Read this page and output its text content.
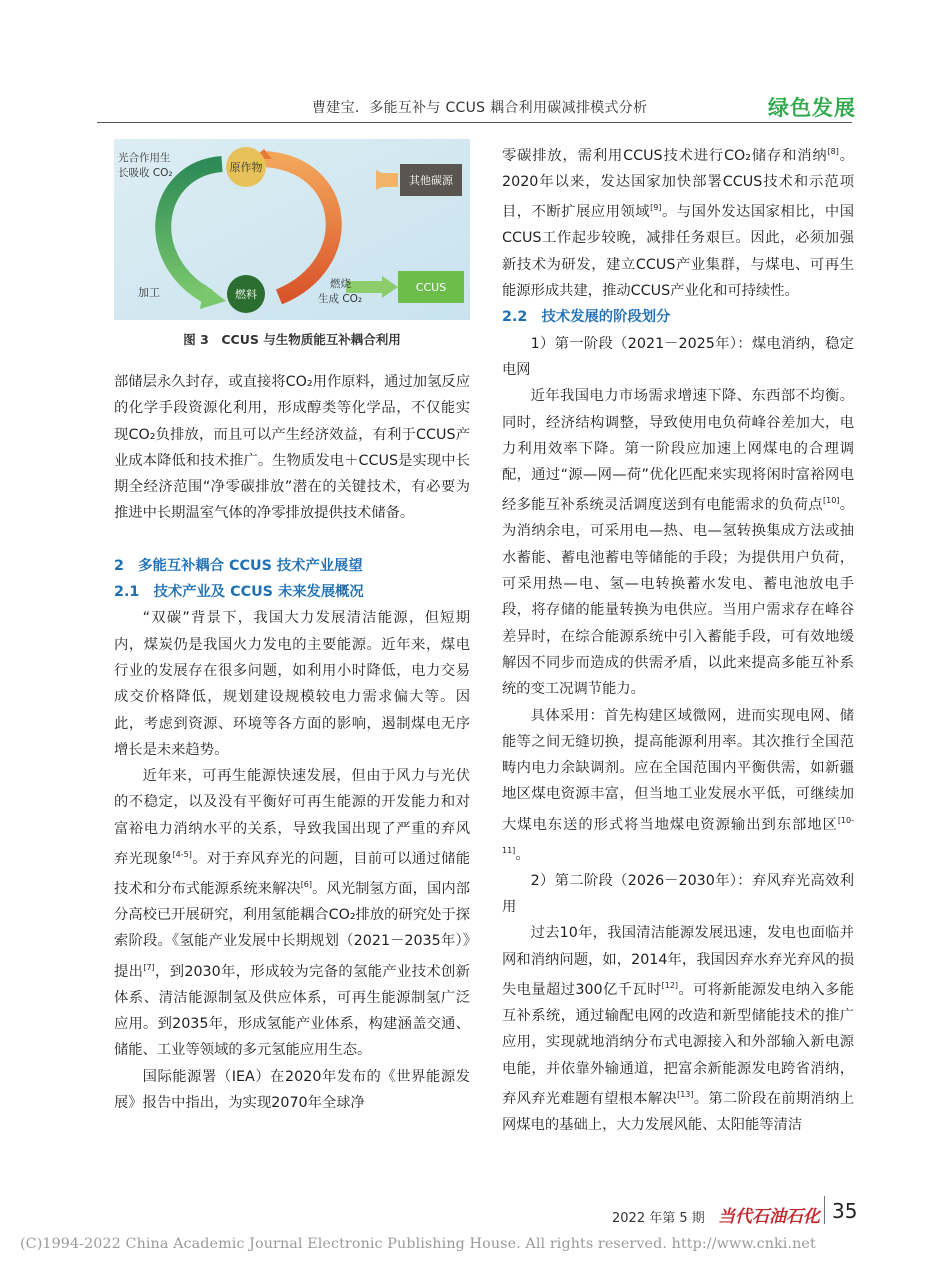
曹建宝．多能互补与 CCUS 耦合利用碳减排模式分析	绿色发展
光合作用生
长吸收 CO₂	原作物
其他碳源
加工	燃料
燃烧
生成 CO₂
CCUS
图 3　CCUS 与生物质能互补耦合利用

部储层永久封存，或直接将CO₂用作原料，通过加氢反应的化学手段资源化利用，形成醇类等化学品，不仅能实现CO₂负排放，而且可以产生经济效益，有利于CCUS产业成本降低和技术推广。生物质发电＋CCUS是实现中长期全经济范围“净零碳排放”潜在的关键技术，有必要为推进中长期温室气体的净零排放提供技术储备。

2　多能互补耦合 CCUS 技术产业展望

2.1　技术产业及 CCUS 未来发展概况

“双碳”背景下，我国大力发展清洁能源，但短期内，煤炭仍是我国火力发电的主要能源。近年来，煤电行业的发展存在很多问题，如利用小时降低，电力交易成交价格降低，规划建设规模较电力需求偏大等。因此，考虑到资源、环境等各方面的影响，遏制煤电无序增长是未来趋势。

近年来，可再生能源快速发展，但由于风力与光伏的不稳定，以及没有平衡好可再生能源的开发能力和对富裕电力消纳水平的关系，导致我国出现了严重的弃风弃光现象[4-5]。对于弃风弃光的问题，目前可以通过储能技术和分布式能源系统来解决[6]。风光制氢方面，国内部分高校已开展研究，利用氢能耦合CO₂排放的研究处于探索阶段。《氢能产业发展中长期规划（2021－2035年）》提出[7]，到2030年，形成较为完备的氢能产业技术创新体系、清洁能源制氢及供应体系，可再生能源制氢广泛应用。到2035年，形成氢能产业体系，构建涵盖交通、储能、工业等领域的多元氢能应用生态。

国际能源署（IEA）在2020年发布的《世界能源发展》报告中指出，为实现2070年全球净

零碳排放，需利用CCUS技术进行CO₂储存和消纳[8]。2020年以来，发达国家加快部署CCUS技术和示范项目，不断扩展应用领域[9]。与国外发达国家相比，中国CCUS工作起步较晚，减排任务艰巨。因此，必须加强新技术为研发，建立CCUS产业集群，与煤电、可再生能源形成共建，推动CCUS产业化和可持续性。

2.2　技术发展的阶段划分

1）第一阶段（2021－2025年）：煤电消纳，稳定电网

近年我国电力市场需求增速下降、东西部不均衡。同时，经济结构调整，导致使用电负荷峰谷差加大，电力利用效率下降。第一阶段应加速上网煤电的合理调配，通过“源—网—荷”优化匹配来实现将闲时富裕网电经多能互补系统灵活调度送到有电能需求的负荷点[10]。为消纳余电，可采用电—热、电—氢转换集成方法或抽水蓄能、蓄电池蓄电等储能的手段；为提供用户负荷，可采用热—电、氢—电转换蓄水发电、蓄电池放电手段，将存储的能量转换为电供应。当用户需求存在峰谷差异时，在综合能源系统中引入蓄能手段，可有效地缓解因不同步而造成的供需矛盾，以此来提高多能互补系统的变工况调节能力。

具体采用：首先构建区域微网，进而实现电网、储能等之间无缝切换，提高能源利用率。其次推行全国范畴内电力余缺调剂。应在全国范围内平衡供需，如新疆地区煤电资源丰富，但当地工业发展水平低，可继续加大煤电东送的形式将当地煤电资源输出到东部地区[10-11]。

2）第二阶段（2026－2030年）：弃风弃光高效利用

过去10年，我国清洁能源发展迅速，发电也面临并网和消纳问题，如，2014年，我国因弃水弃光弃风的损失电量超过300亿千瓦时[12]。可将新能源发电纳入多能互补系统，通过输配电网的改造和新型储能技术的推广应用，实现就地消纳分布式电源接入和外部输入新电源电能，并依靠外输通道，把富余新能源发电跨省消纳，弃风弃光难题有望根本解决[13]。第二阶段在前期消纳上网煤电的基础上，大力发展风能、太阳能等清洁

2022 年第 5 期 当代石油石化 35
(C)1994-2022 China Academic Journal Electronic Publishing House. All rights reserved. http://www.cnki.net
